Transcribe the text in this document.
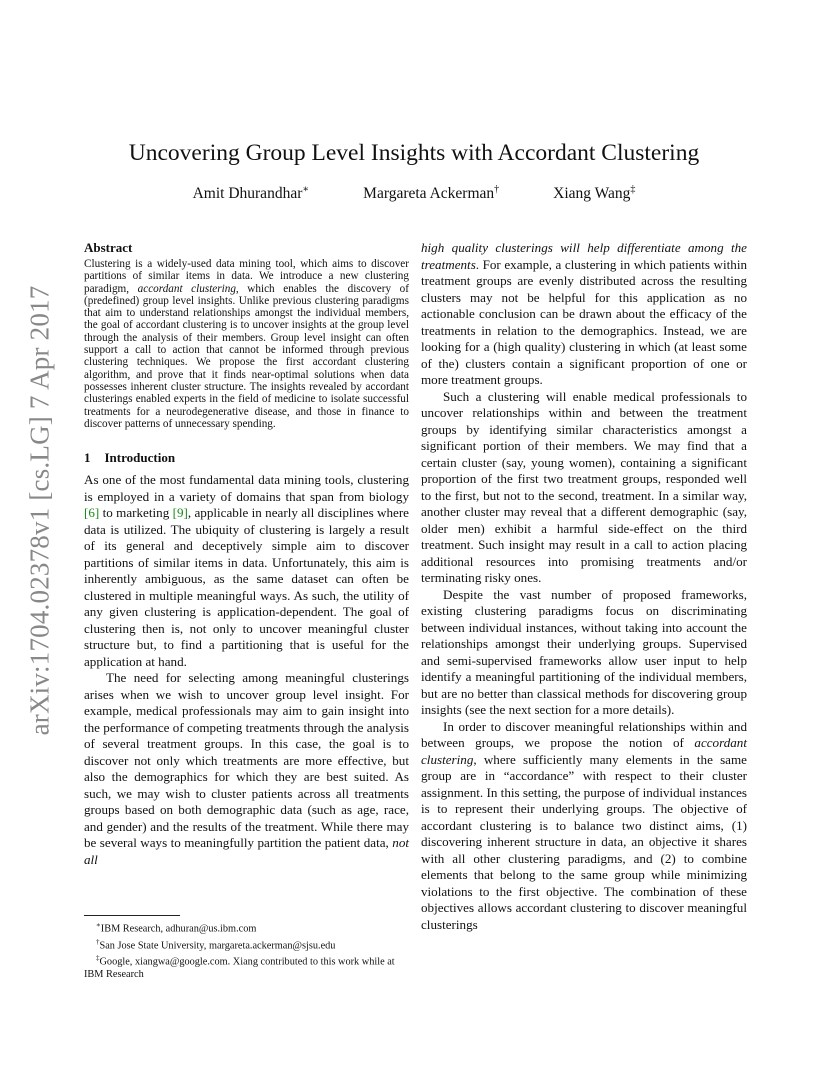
arXiv:1704.02378v1 [cs.LG] 7 Apr 2017
Uncovering Group Level Insights with Accordant Clustering
Amit Dhurandhar∗	Margareta Ackerman†	Xiang Wang‡
Abstract

Clustering is a widely-used data mining tool, which aims to discover partitions of similar items in data. We introduce a new clustering paradigm, accordant clustering, which enables the discovery of (predefined) group level insights. Unlike previous clustering paradigms that aim to understand relationships amongst the individual members, the goal of accordant clustering is to uncover insights at the group level through the analysis of their members. Group level insight can often support a call to action that cannot be informed through previous clustering techniques. We propose the first accordant clustering algorithm, and prove that it finds near-optimal solutions when data possesses inherent cluster structure. The insights revealed by accordant clusterings enabled experts in the field of medicine to isolate successful treatments for a neurodegenerative disease, and those in finance to discover patterns of unnecessary spending.

1 Introduction

As one of the most fundamental data mining tools, clustering is employed in a variety of domains that span from biology [6] to marketing [9], applicable in nearly all disciplines where data is utilized. The ubiquity of clustering is largely a result of its general and deceptively simple aim to discover partitions of similar items in data. Unfortunately, this aim is inherently ambiguous, as the same dataset can often be clustered in multiple meaningful ways. As such, the utility of any given clustering is application-dependent. The goal of clustering then is, not only to uncover meaningful cluster structure but, to find a partitioning that is useful for the application at hand.

The need for selecting among meaningful clusterings arises when we wish to uncover group level insight. For example, medical professionals may aim to gain insight into the performance of competing treatments through the analysis of several treatment groups. In this case, the goal is to discover not only which treatments are more effective, but also the demographics for which they are best suited. As such, we may wish to cluster patients across all treatments groups based on both demographic data (such as age, race, and gender) and the results of the treatment. While there may be several ways to meaningfully partition the patient data, not all

∗IBM Research, adhuran@us.ibm.com

†San Jose State University, margareta.ackerman@sjsu.edu

‡Google, xiangwa@google.com. Xiang contributed to this work while at IBM Research

high quality clusterings will help differentiate among the treatments. For example, a clustering in which patients within treatment groups are evenly distributed across the resulting clusters may not be helpful for this application as no actionable conclusion can be drawn about the efficacy of the treatments in relation to the demographics. Instead, we are looking for a (high quality) clustering in which (at least some of the) clusters contain a significant proportion of one or more treatment groups.

Such a clustering will enable medical professionals to uncover relationships within and between the treatment groups by identifying similar characteristics amongst a significant portion of their members. We may find that a certain cluster (say, young women), containing a significant proportion of the first two treatment groups, responded well to the first, but not to the second, treatment. In a similar way, another cluster may reveal that a different demographic (say, older men) exhibit a harmful side-effect on the third treatment. Such insight may result in a call to action placing additional resources into promising treatments and/or terminating risky ones.

Despite the vast number of proposed frameworks, existing clustering paradigms focus on discriminating between individual instances, without taking into account the relationships amongst their underlying groups. Supervised and semi-supervised frameworks allow user input to help identify a meaningful partitioning of the individual members, but are no better than classical methods for discovering group insights (see the next section for a more details).

In order to discover meaningful relationships within and between groups, we propose the notion of accordant clustering, where sufficiently many elements in the same group are in “accordance” with respect to their cluster assignment. In this setting, the purpose of individual instances is to represent their underlying groups. The objective of accordant clustering is to balance two distinct aims, (1) discovering inherent structure in data, an objective it shares with all other clustering paradigms, and (2) to combine elements that belong to the same group while minimizing violations to the first objective. The combination of these objectives allows accordant clustering to discover meaningful clusterings
